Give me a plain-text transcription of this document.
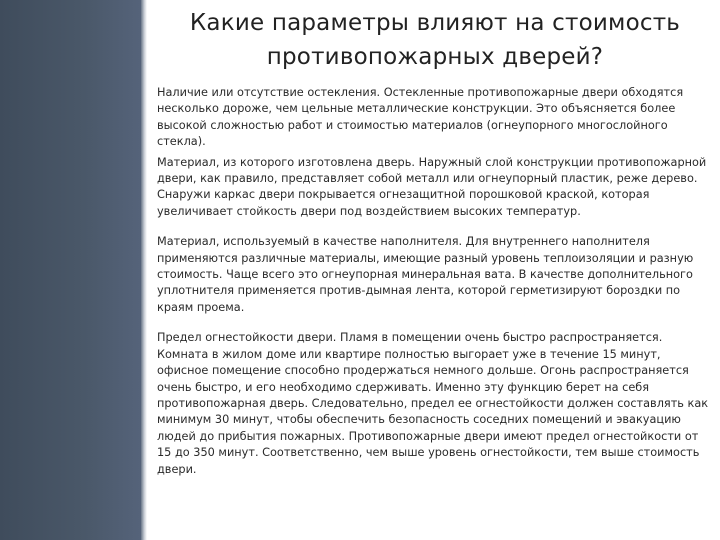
Какие параметры влияют на стоимость
противопожарных дверей?

Наличие или отсутствие остекления. Остекленные противопожарные двери обходятся несколько дороже, чем цельные металлические конструкции. Это объясняется более высокой сложностью работ и стоимостью материалов (огнеупорного многослойного стекла).

Материал, из которого изготовлена дверь. Наружный слой конструкции противопожарной двери, как правило, представляет собой металл или огнеупорный пластик, реже дерево. Снаружи каркас двери покрывается огнезащитной порошковой краской, которая увеличивает стойкость двери под воздействием высоких температур.

Материал, используемый в качестве наполнителя. Для внутреннего наполнителя применяются различные материалы, имеющие разный уровень теплоизоляции и разную стоимость. Чаще всего это огнеупорная минеральная вата. В качестве дополнительного уплотнителя применяется против-дымная лента, которой герметизируют бороздки по краям проема.

Предел огнестойкости двери. Пламя в помещении очень быстро распространяется. Комната в жилом доме или квартире полностью выгорает уже в течение 15 минут, офисное помещение способно продержаться немного дольше. Огонь распространяется очень быстро, и его необходимо сдерживать. Именно эту функцию берет на себя противопожарная дверь. Следовательно, предел ее огнестойкости должен составлять как минимум 30 минут, чтобы обеспечить безопасность соседних помещений и эвакуацию людей до прибытия пожарных. Противопожарные двери имеют предел огнестойкости от 15 до 350 минут. Соответственно, чем выше уровень огнестойкости, тем выше стоимость двери.
